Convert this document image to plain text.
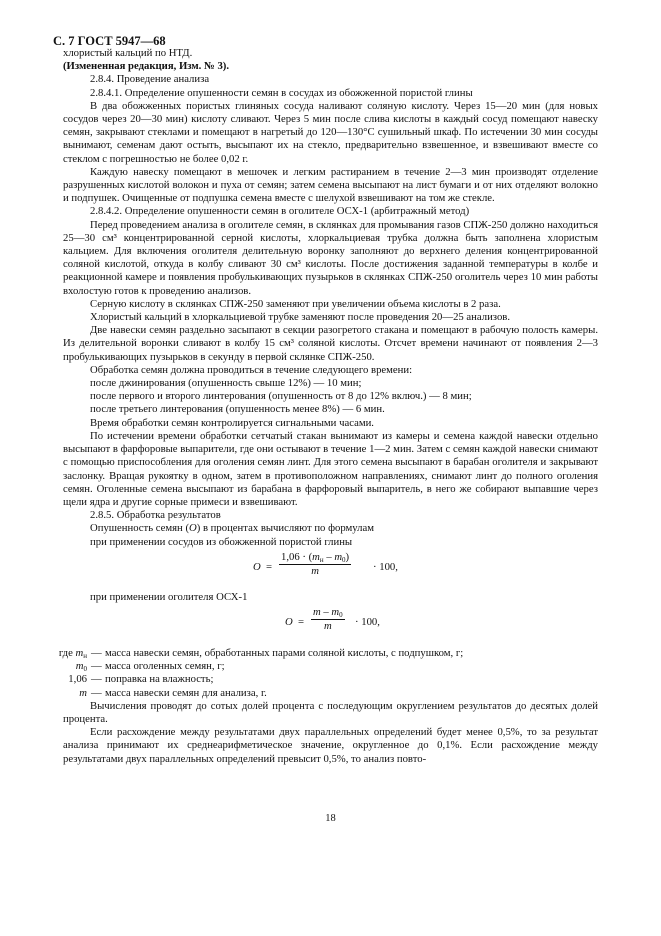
С. 7 ГОСТ 5947—68

хлористый кальций по НТД.

(Измененная редакция, Изм. № 3).

2.8.4. Проведение анализа

2.8.4.1. Определение опушенности семян в сосудах из обожженной пористой глины

В два обожженных пористых глиняных сосуда наливают соляную кислоту. Через 15—20 мин (для новых сосудов через 20—30 мин) кислоту сливают. Через 5 мин после слива кислоты в каждый сосуд помещают навеску семян, закрывают стеклами и помещают в нагретый до 120—130°С сушильный шкаф. По истечении 30 мин сосуды вынимают, семенам дают остыть, высыпают их на стекло, предварительно взвешенное, и взвешивают вместе со стеклом с погрешностью не более 0,02 г.

Каждую навеску помещают в мешочек и легким растиранием в течение 2—3 мин производят отделение разрушенных кислотой волокон и пуха от семян; затем семена высыпают на лист бумаги и от них отделяют волокно и подпушек. Очищенные от подпушка семена вместе с шелухой взвешивают на том же стекле.

2.8.4.2. Определение опушенности семян в оголителе ОСХ-1 (арбитражный метод)

Перед проведением анализа в оголителе семян, в склянках для промывания газов СПЖ-250 должно находиться 25—30 см³ концентрированной серной кислоты, хлоркальциевая трубка должна быть заполнена хлористым кальцием. Для включения оголителя делительную воронку заполняют до верхнего деления концентрированной соляной кислотой, откуда в колбу сливают 30 см³ кислоты. После достижения заданной температуры в колбе и реакционной камере и появления пробулькивающих пузырьков в склянках СПЖ-250 оголитель через 10 мин работы вхолостую готов к проведению анализов.

Серную кислоту в склянках СПЖ-250 заменяют при увеличении объема кислоты в 2 раза.

Хлористый кальций в хлоркальциевой трубке заменяют после проведения 20—25 анализов.

Две навески семян раздельно засыпают в секции разогретого стакана и помещают в рабочую полость камеры. Из делительной воронки сливают в колбу 15 см³ соляной кислоты. Отсчет времени начинают от появления 2—3 пробулькивающих пузырьков в секунду в первой склянке СПЖ-250.

Обработка семян должна проводиться в течение следующего времени:

после джинирования (опушенность свыше 12%) — 10 мин;

после первого и второго линтерования (опушенность от 8 до 12% включ.) — 8 мин;

после третьего линтерования (опушенность менее 8%) — 6 мин.

Время обработки семян контролируется сигнальными часами.

По истечении времени обработки сетчатый стакан вынимают из камеры и семена каждой навески отдельно высыпают в фарфоровые выпарители, где они остывают в течение 1—2 мин. Затем с семян каждой навески снимают с помощью приспособления для оголения семян линт. Для этого семена высыпают в барабан оголителя и закрывают заслонку. Вращая рукоятку в одном, затем в противоположном направлениях, снимают линт до полного оголения семян. Оголенные семена высыпают из барабана в фарфоровый выпаритель, в него же собирают выпавшие через щели ядра и другие сорные примеси и взвешивают.

2.8.5. Обработка результатов

Опушенность семян (О) в процентах вычисляют по формулам

при применении сосудов из обожженной пористой глины

О =
$1,06 \cdot (m_н - m_0)$
m	· 100,

при применении оголителя ОСХ-1

$О = \frac{m - m_0}{m} \cdot 100$,
где $m_н$ — масса навески семян, обработанных парами соляной кислоты, с подпушком, г;
$m_0$ — масса оголенных семян, г;
1,06 — поправка на влажность;
m — масса навески семян для анализа, г.

Вычисления проводят до сотых долей процента с последующим округлением результатов до десятых долей процента.

Если расхождение между результатами двух параллельных определений будет менее 0,5%, то за результат анализа принимают их среднеарифметическое значение, округленное до 0,1%. Если расхождение между результатами двух параллельных определений превысит 0,5%, то анализ повто-

18
